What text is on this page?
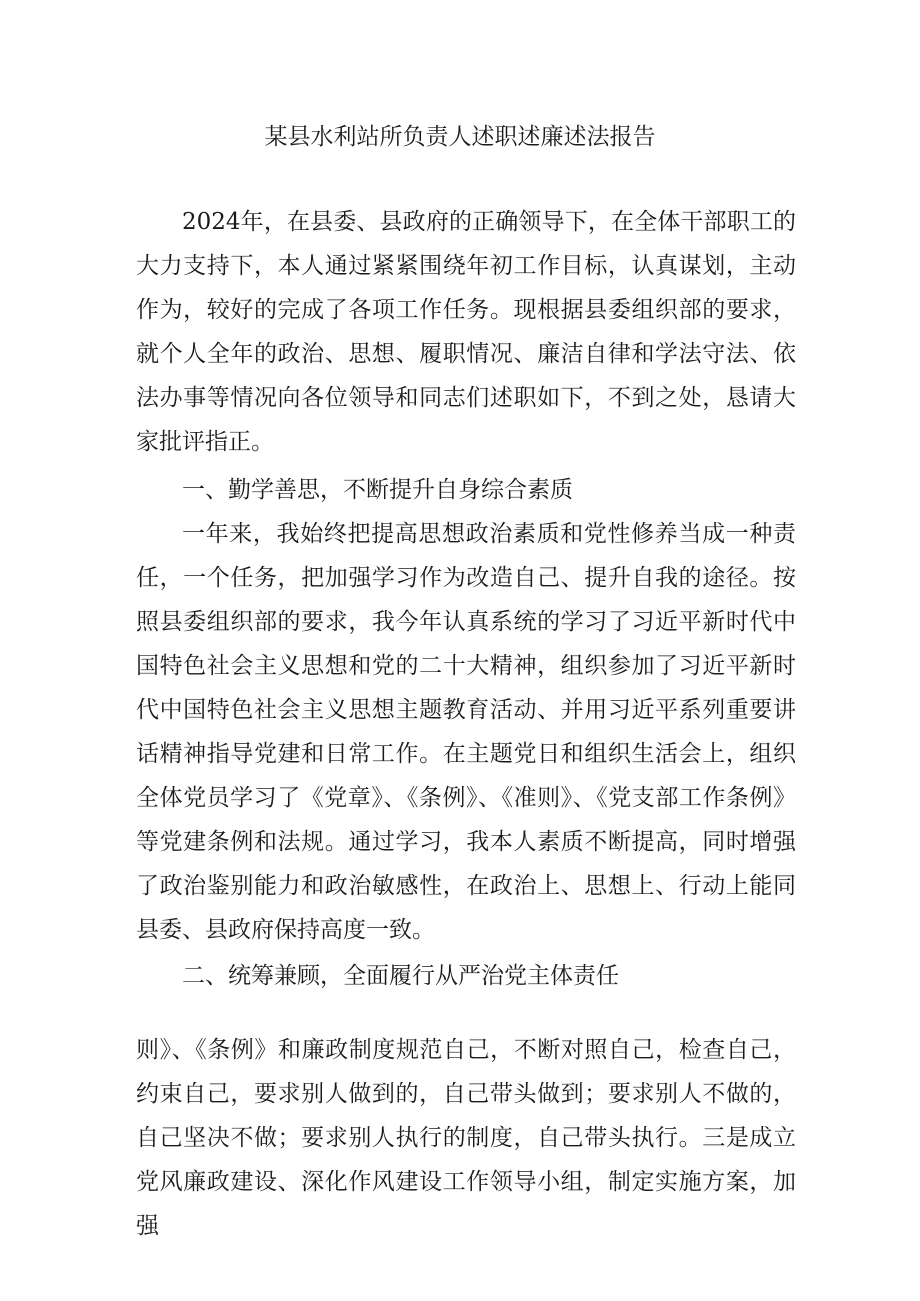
某县水利站所负责人述职述廉述法报告

2024年，在县委、县政府的正确领导下，在全体干部职工的大力支持下，本人通过紧紧围绕年初工作目标，认真谋划，主动作为，较好的完成了各项工作任务。现根据县委组织部的要求，就个人全年的政治、思想、履职情况、廉洁自律和学法守法、依法办事等情况向各位领导和同志们述职如下，不到之处，恳请大家批评指正。

一、勤学善思，不断提升自身综合素质

一年来，我始终把提高思想政治素质和党性修养当成一种责任，一个任务，把加强学习作为改造自己、提升自我的途径。按照县委组织部的要求，我今年认真系统的学习了习近平新时代中国特色社会主义思想和党的二十大精神，组织参加了习近平新时代中国特色社会主义思想主题教育活动、并用习近平系列重要讲话精神指导党建和日常工作。在主题党日和组织生活会上，组织全体党员学习了《党章》、《条例》、《准则》、《党支部工作条例》等党建条例和法规。通过学习，我本人素质不断提高，同时增强了政治鉴别能力和政治敏感性，在政治上、思想上、行动上能同县委、县政府保持高度一致。

二、统筹兼顾，全面履行从严治党主体责任

则》、《条例》和廉政制度规范自己，不断对照自己，检查自己，约束自己，要求别人做到的，自己带头做到；要求别人不做的，自己坚决不做；要求别人执行的制度，自己带头执行。三是成立党风廉政建设、深化作风建设工作领导小组，制定实施方案，加强
